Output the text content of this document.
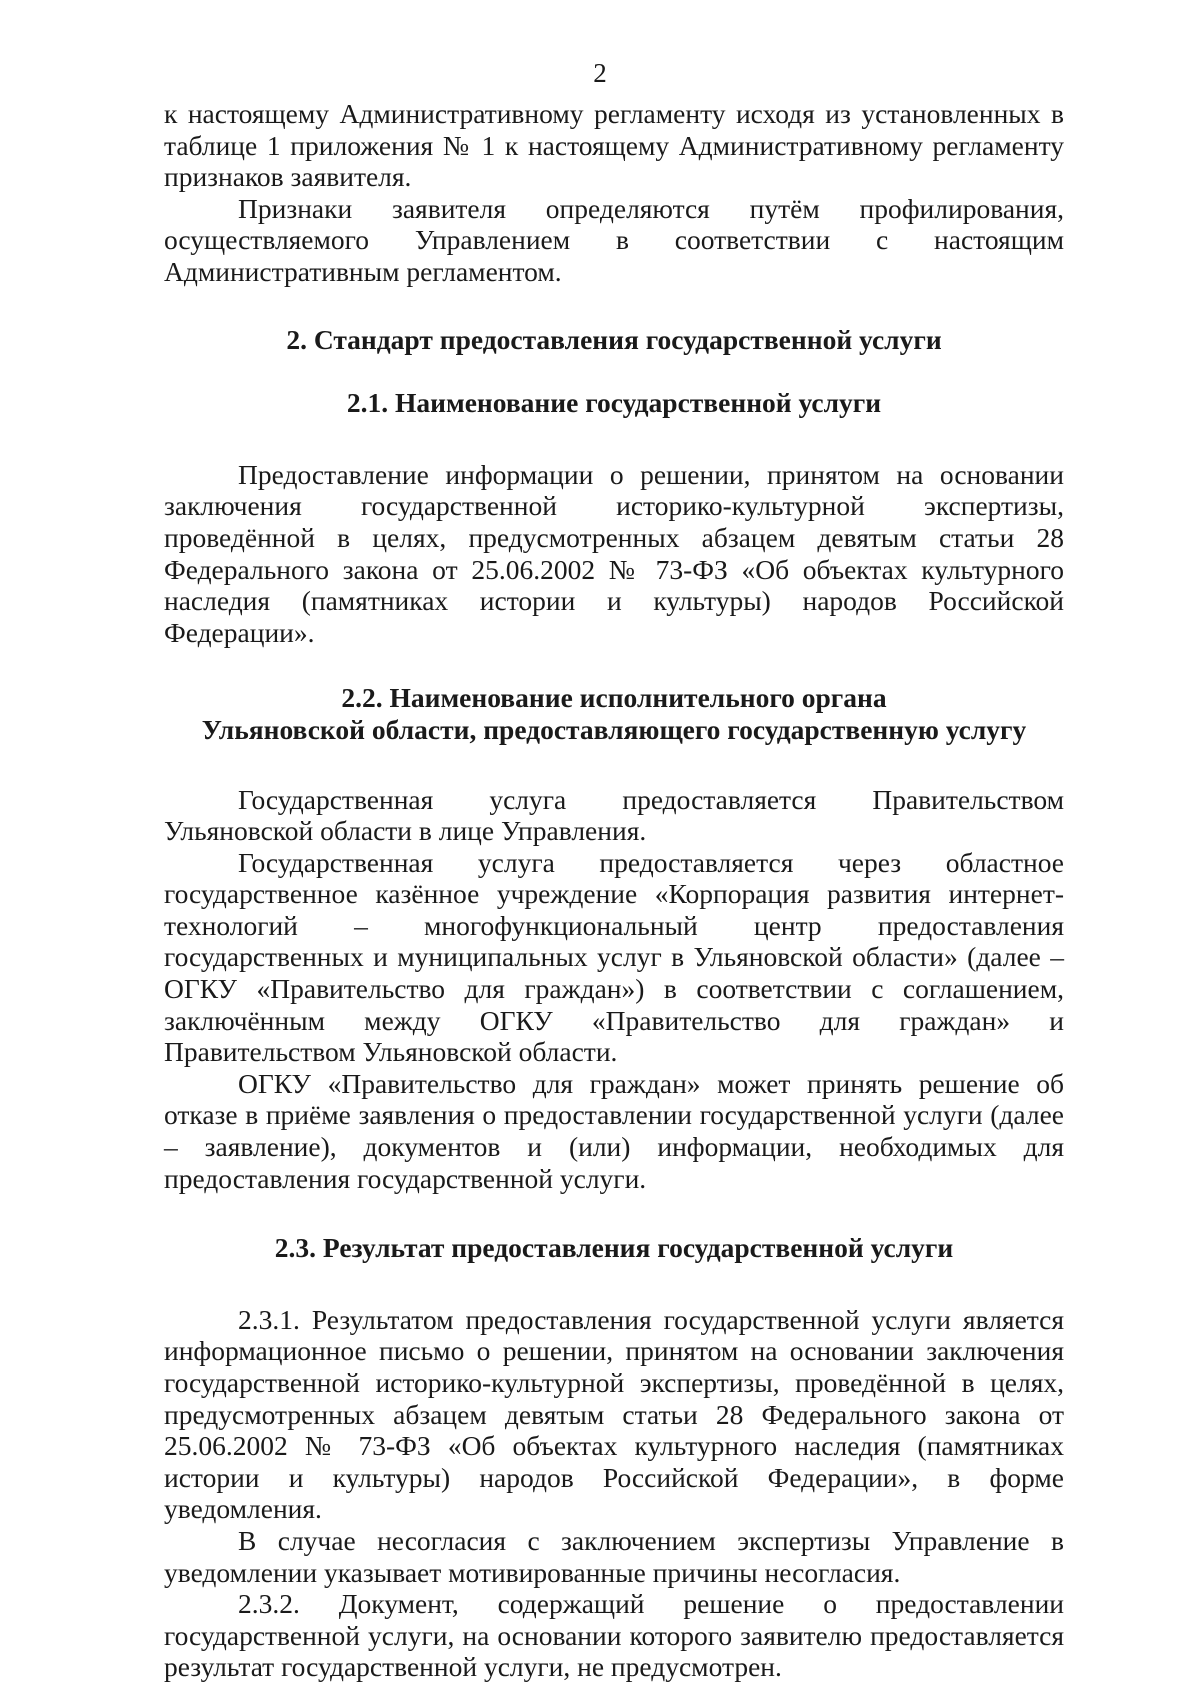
2

к настоящему Административному регламенту исходя из установленных в таблице 1 приложения № 1 к настоящему Административному регламенту признаков заявителя.

Признаки заявителя определяются путём профилирования, осуществляемого Управлением в соответствии с настоящим Административным регламентом.

2. Стандарт предоставления государственной услуги
2.1. Наименование государственной услуги

Предоставление информации о решении, принятом на основании заключения государственной историко-культурной экспертизы, проведённой в целях, предусмотренных абзацем девятым статьи 28 Федерального закона от 25.06.2002 № 73-ФЗ «Об объектах культурного наследия (памятниках истории и культуры) народов Российской Федерации».

2.2. Наименование исполнительного органа
Ульяновской области, предоставляющего государственную услугу

Государственная услуга предоставляется Правительством Ульяновской области в лице Управления.

Государственная услуга предоставляется через областное государственное казённое учреждение «Корпорация развития интернет-технологий – многофункциональный центр предоставления государственных и муниципальных услуг в Ульяновской области» (далее – ОГКУ «Правительство для граждан») в соответствии с соглашением, заключённым между ОГКУ «Правительство для граждан» и Правительством Ульяновской области.

ОГКУ «Правительство для граждан» может принять решение об отказе в приёме заявления о предоставлении государственной услуги (далее – заявление), документов и (или) информации, необходимых для предоставления государственной услуги.

2.3. Результат предоставления государственной услуги

2.3.1. Результатом предоставления государственной услуги является информационное письмо о решении, принятом на основании заключения государственной историко-культурной экспертизы, проведённой в целях, предусмотренных абзацем девятым статьи 28 Федерального закона от 25.06.2002 № 73-ФЗ «Об объектах культурного наследия (памятниках истории и культуры) народов Российской Федерации», в форме уведомления.

В случае несогласия с заключением экспертизы Управление в уведомлении указывает мотивированные причины несогласия.

2.3.2. Документ, содержащий решение о предоставлении государственной услуги, на основании которого заявителю предоставляется результат государственной услуги, не предусмотрен.
